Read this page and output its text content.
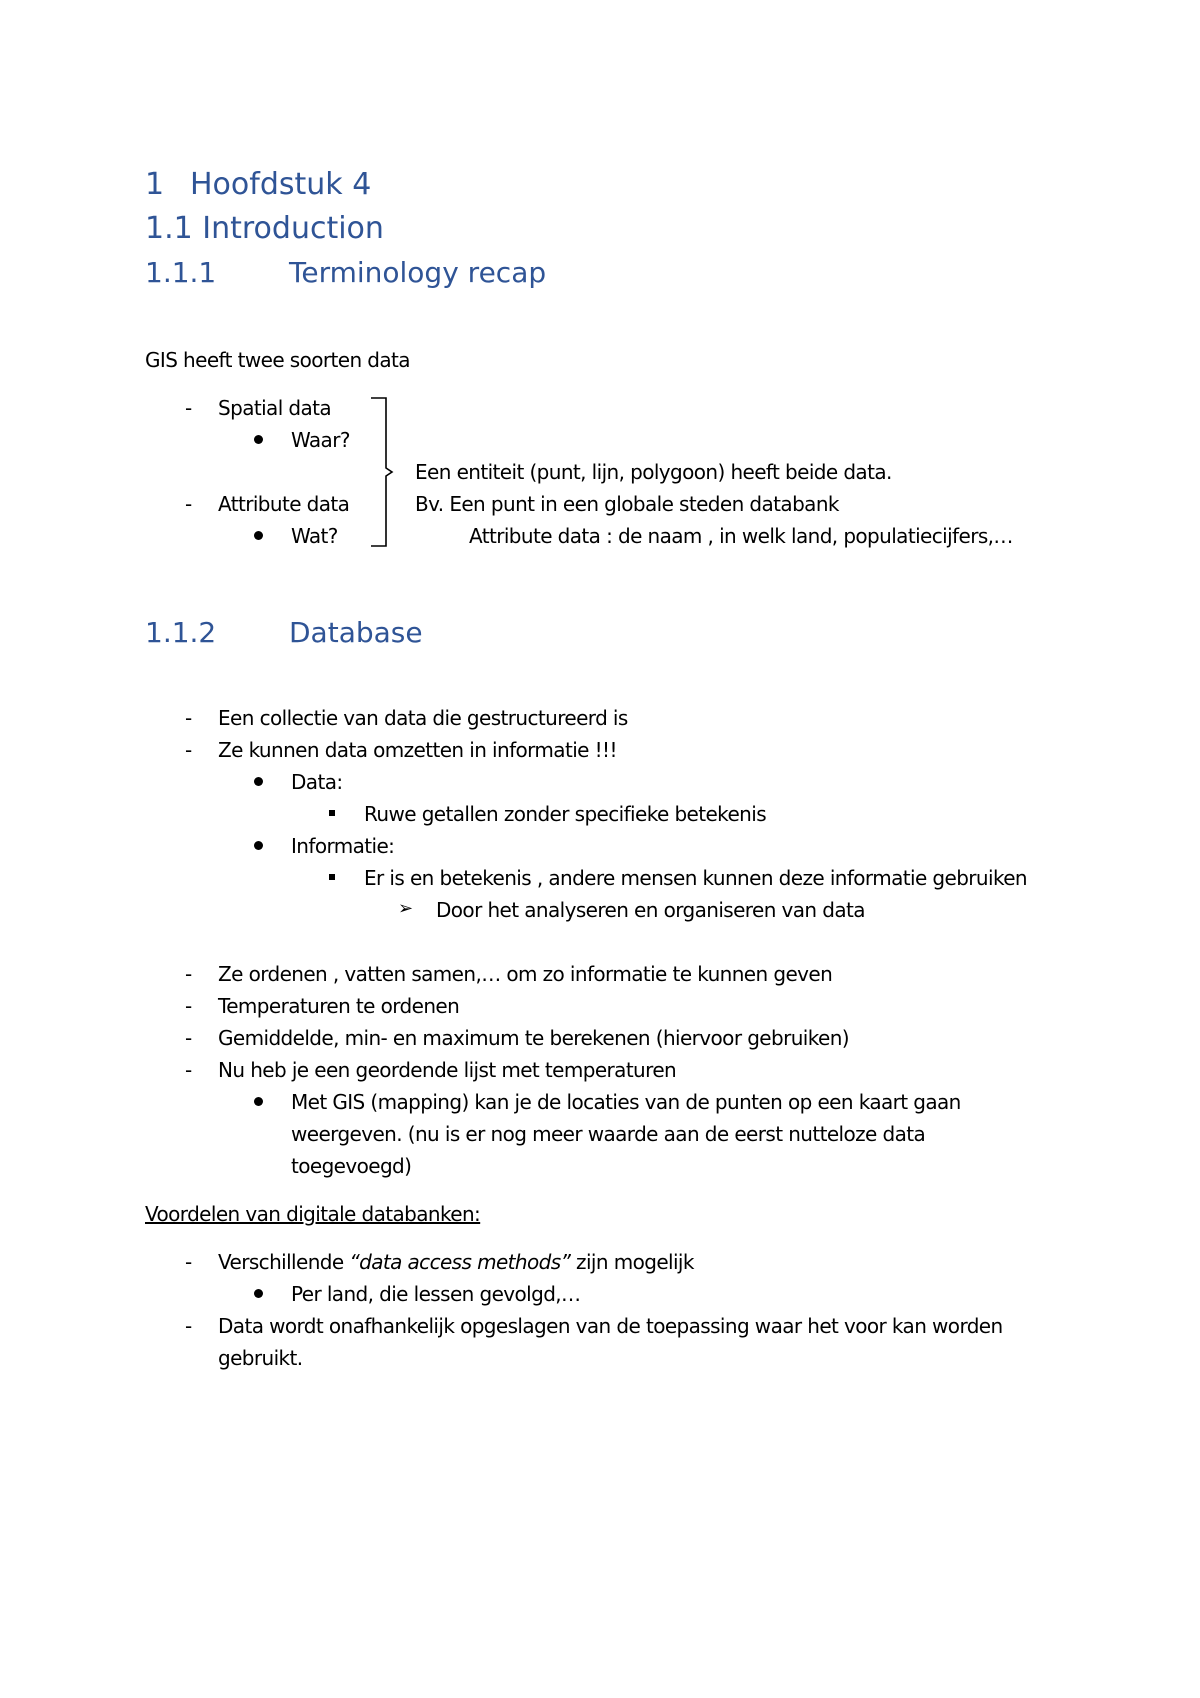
1 Hoofdstuk 4
1.1 Introduction
1.1.1	Terminology recap
GIS heeft twee soorten data
- Spatial data
Waar?
- Attribute data
Wat?
Een entiteit (punt, lijn, polygoon) heeft beide data.
Bv. Een punt in een globale steden databank
Attribute data : de naam , in welk land, populatiecijfers,…
1.1.2	Database
- Een collectie van data die gestructureerd is
- Ze kunnen data omzetten in informatie !!!
Data:
Ruwe getallen zonder specifieke betekenis
Informatie:
Er is en betekenis , andere mensen kunnen deze informatie gebruiken
➢ Door het analyseren en organiseren van data
- Ze ordenen , vatten samen,… om zo informatie te kunnen geven
- Temperaturen te ordenen
- Gemiddelde, min- en maximum te berekenen (hiervoor gebruiken)
- Nu heb je een geordende lijst met temperaturen
Met GIS (mapping) kan je de locaties van de punten op een kaart gaan
weergeven. (nu is er nog meer waarde aan de eerst nutteloze data
toegevoegd)
Voordelen van digitale databanken:
- Verschillende “data access methods” zijn mogelijk
Per land, die lessen gevolgd,…
- Data wordt onafhankelijk opgeslagen van de toepassing waar het voor kan worden
gebruikt.
